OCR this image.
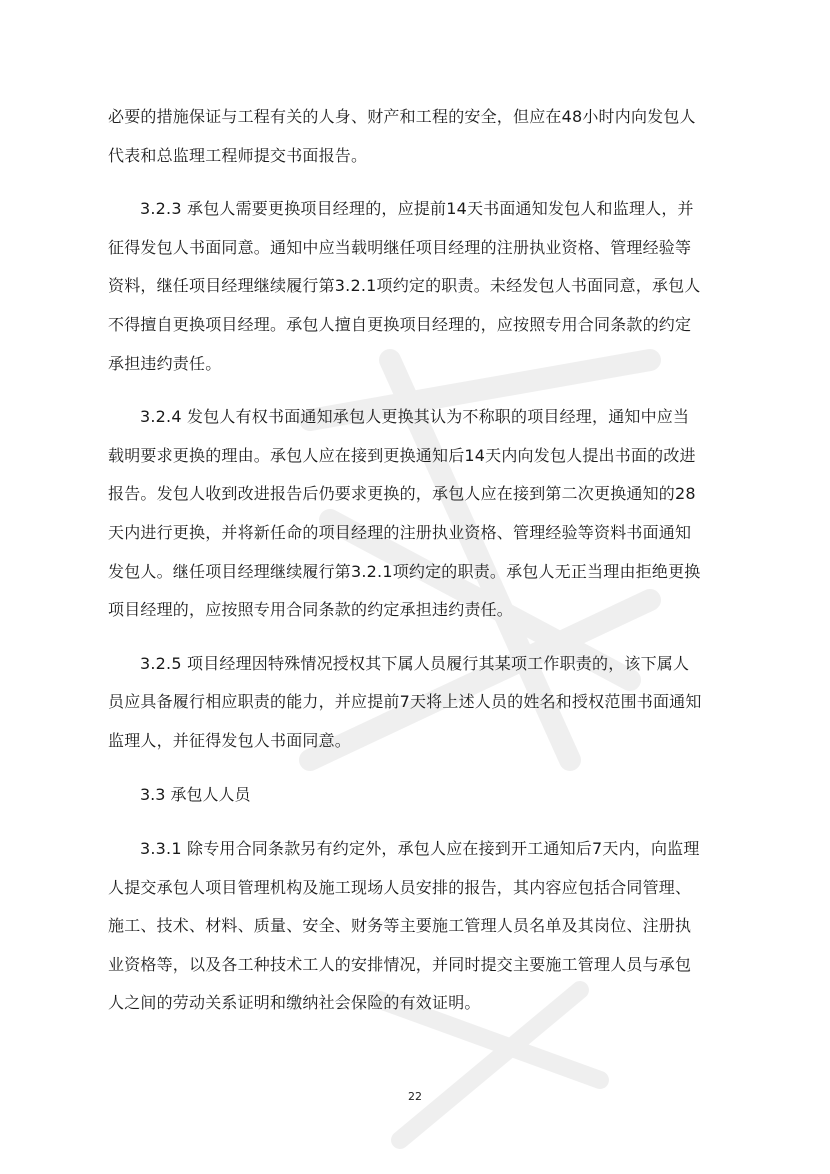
必要的措施保证与工程有关的人身、财产和工程的安全，但应在48小时内向发包人
代表和总监理工程师提交书面报告。

3.2.3 承包人需要更换项目经理的，应提前14天书面通知发包人和监理人，并
征得发包人书面同意。通知中应当载明继任项目经理的注册执业资格、管理经验等
资料，继任项目经理继续履行第3.2.1项约定的职责。未经发包人书面同意，承包人
不得擅自更换项目经理。承包人擅自更换项目经理的，应按照专用合同条款的约定
承担违约责任。

3.2.4 发包人有权书面通知承包人更换其认为不称职的项目经理，通知中应当
载明要求更换的理由。承包人应在接到更换通知后14天内向发包人提出书面的改进
报告。发包人收到改进报告后仍要求更换的，承包人应在接到第二次更换通知的28
天内进行更换，并将新任命的项目经理的注册执业资格、管理经验等资料书面通知
发包人。继任项目经理继续履行第3.2.1项约定的职责。承包人无正当理由拒绝更换
项目经理的，应按照专用合同条款的约定承担违约责任。

3.2.5 项目经理因特殊情况授权其下属人员履行其某项工作职责的，该下属人
员应具备履行相应职责的能力，并应提前7天将上述人员的姓名和授权范围书面通知
监理人，并征得发包人书面同意。

3.3 承包人人员

3.3.1 除专用合同条款另有约定外，承包人应在接到开工通知后7天内，向监理
人提交承包人项目管理机构及施工现场人员安排的报告，其内容应包括合同管理、
施工、技术、材料、质量、安全、财务等主要施工管理人员名单及其岗位、注册执
业资格等，以及各工种技术工人的安排情况，并同时提交主要施工管理人员与承包
人之间的劳动关系证明和缴纳社会保险的有效证明。

22
